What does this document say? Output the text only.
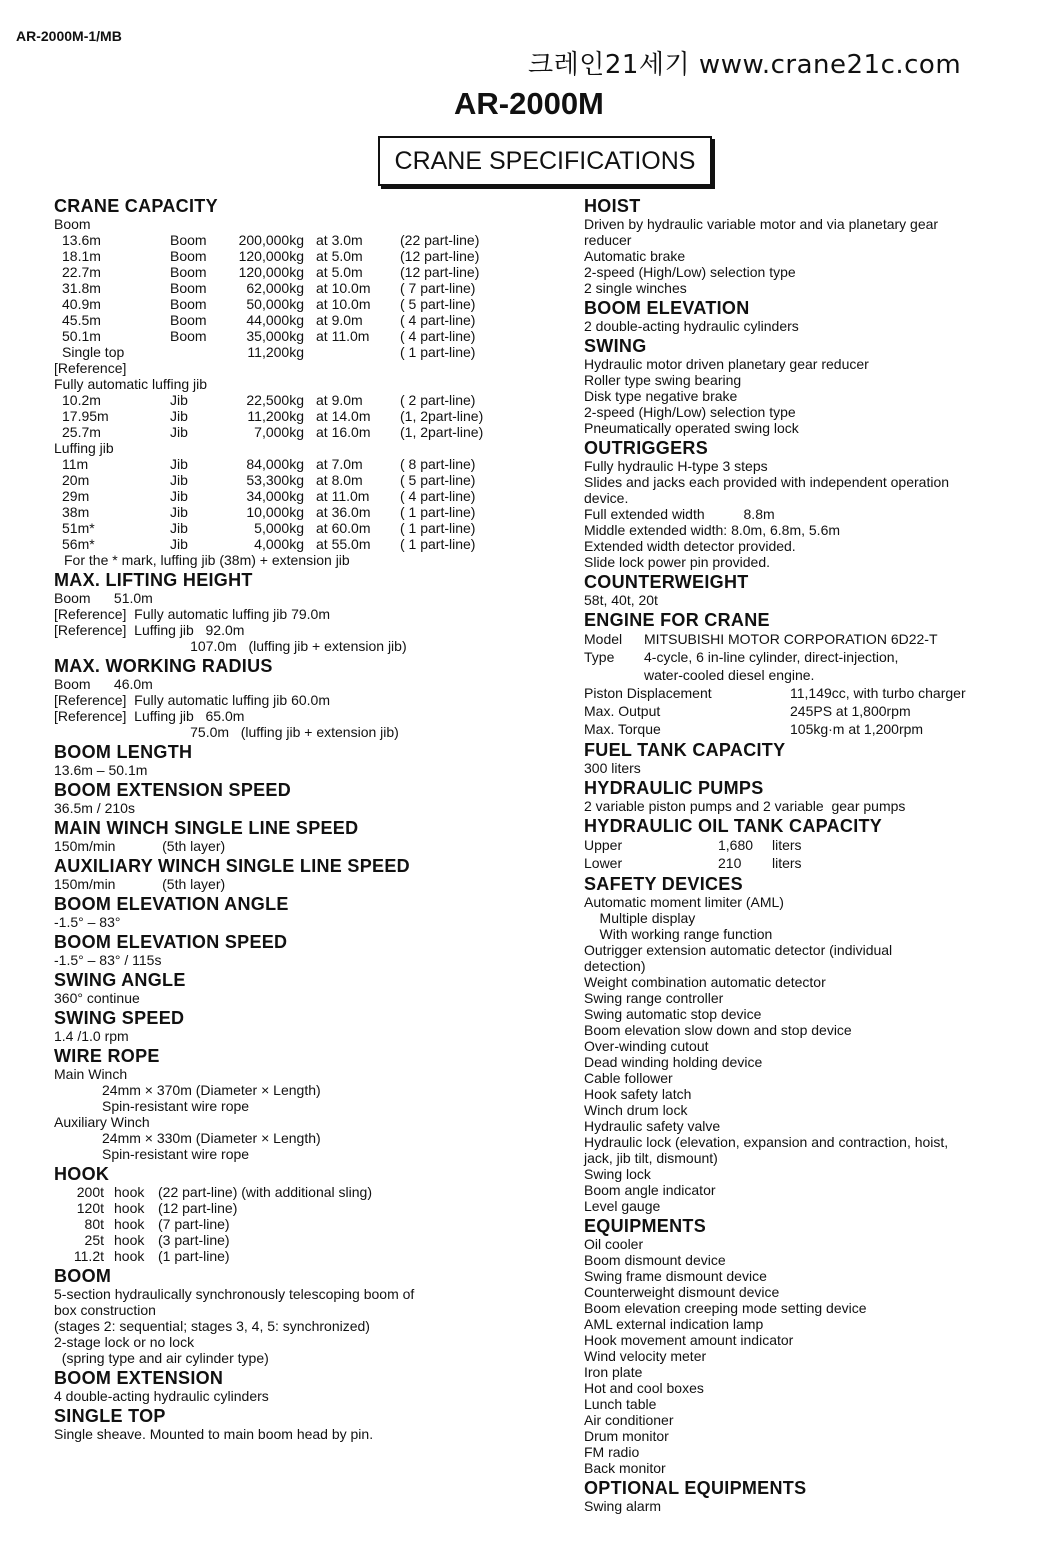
AR-2000M-1/MB
크레인21세기 www.crane21c.com
AR-2000M
CRANE SPECIFICATIONS
CRANE CAPACITY
Boom
13.6m	Boom	200,000kg	at 3.0m	(22 part-line)
18.1m	Boom	120,000kg	at 5.0m	(12 part-line)
22.7m	Boom	120,000kg	at 5.0m	(12 part-line)
31.8m	Boom	62,000kg	at 10.0m	( 7 part-line)
40.9m	Boom	50,000kg	at 10.0m	( 5 part-line)
45.5m	Boom	44,000kg	at 9.0m	( 4 part-line)
50.1m	Boom	35,000kg	at 11.0m	( 4 part-line)
Single top		11,200kg		( 1 part-line)
[Reference]
Fully automatic luffing jib
10.2m	Jib	22,500kg	at 9.0m	( 2 part-line)
17.95m	Jib	11,200kg	at 14.0m	(1, 2part-line)
25.7m	Jib	7,000kg	at 16.0m	(1, 2part-line)
Luffing jib
11m	Jib	84,000kg	at 7.0m	( 8 part-line)
20m	Jib	53,300kg	at 8.0m	( 5 part-line)
29m	Jib	34,000kg	at 11.0m	( 4 part-line)
38m	Jib	10,000kg	at 36.0m	( 1 part-line)
51m*	Jib	5,000kg	at 60.0m	( 1 part-line)
56m*	Jib	4,000kg	at 55.0m	( 1 part-line)
For the * mark, luffing jib (38m) + extension jib
MAX. LIFTING HEIGHT
Boom      51.0m
[Reference]  Fully automatic luffing jib 79.0m
[Reference]  Luffing jib   92.0m
107.0m   (luffing jib + extension jib)
MAX. WORKING RADIUS
Boom      46.0m
[Reference]  Fully automatic luffing jib 60.0m
[Reference]  Luffing jib   65.0m
75.0m   (luffing jib + extension jib)
BOOM LENGTH
13.6m – 50.1m
BOOM EXTENSION SPEED
36.5m / 210s
MAIN WINCH SINGLE LINE SPEED
150m/min            (5th layer)
AUXILIARY WINCH SINGLE LINE SPEED
150m/min            (5th layer)
BOOM ELEVATION ANGLE
-1.5° – 83°
BOOM ELEVATION SPEED
-1.5° – 83° / 115s
SWING ANGLE
360° continue
SWING SPEED
1.4 /1.0 rpm
WIRE ROPE
Main Winch
24mm × 370m (Diameter × Length)
Spin-resistant wire rope
Auxiliary Winch
24mm × 330m (Diameter × Length)
Spin-resistant wire rope
HOOK
200t	hook	(22 part-line) (with additional sling)
120t	hook	(12 part-line)
80t	hook	(7 part-line)
25t	hook	(3 part-line)
11.2t	hook	(1 part-line)
BOOM
5-section hydraulically synchronously telescoping boom of
box construction
(stages 2: sequential; stages 3, 4, 5: synchronized)
2-stage lock or no lock
(spring type and air cylinder type)
BOOM EXTENSION
4 double-acting hydraulic cylinders
SINGLE TOP
Single sheave. Mounted to main boom head by pin.
HOIST
Driven by hydraulic variable motor and via planetary gear
reducer
Automatic brake
2-speed (High/Low) selection type
2 single winches
BOOM ELEVATION
2 double-acting hydraulic cylinders
SWING
Hydraulic motor driven planetary gear reducer
Roller type swing bearing
Disk type negative brake
2-speed (High/Low) selection type
Pneumatically operated swing lock
OUTRIGGERS
Fully hydraulic H-type 3 steps
Slides and jacks each provided with independent operation
device.
Full extended width          8.8m
Middle extended width: 8.0m, 6.8m, 5.6m
Extended width detector provided.
Slide lock power pin provided.
COUNTERWEIGHT
58t, 40t, 20t
ENGINE FOR CRANE
Model	MITSUBISHI MOTOR CORPORATION 6D22-T
Type	4-cycle, 6 in-line cylinder, direct-injection,
	water-cooled diesel engine.
Piston Displacement	11,149cc, with turbo charger
Max. Output	245PS at 1,800rpm
Max. Torque	105kg·m at 1,200rpm
FUEL TANK CAPACITY
300 liters
HYDRAULIC PUMPS
2 variable piston pumps and 2 variable  gear pumps
HYDRAULIC OIL TANK CAPACITY
Upper	1,680	liters
Lower	210	liters
SAFETY DEVICES
Automatic moment limiter (AML)
Multiple display
With working range function
Outrigger extension automatic detector (individual
detection)
Weight combination automatic detector
Swing range controller
Swing automatic stop device
Boom elevation slow down and stop device
Over-winding cutout
Dead winding holding device
Cable follower
Hook safety latch
Winch drum lock
Hydraulic safety valve
Hydraulic lock (elevation, expansion and contraction, hoist,
jack, jib tilt, dismount)
Swing lock
Boom angle indicator
Level gauge
EQUIPMENTS
Oil cooler
Boom dismount device
Swing frame dismount device
Counterweight dismount device
Boom elevation creeping mode setting device
AML external indication lamp
Hook movement amount indicator
Wind velocity meter
Iron plate
Hot and cool boxes
Lunch table
Air conditioner
Drum monitor
FM radio
Back monitor
OPTIONAL EQUIPMENTS
Swing alarm
